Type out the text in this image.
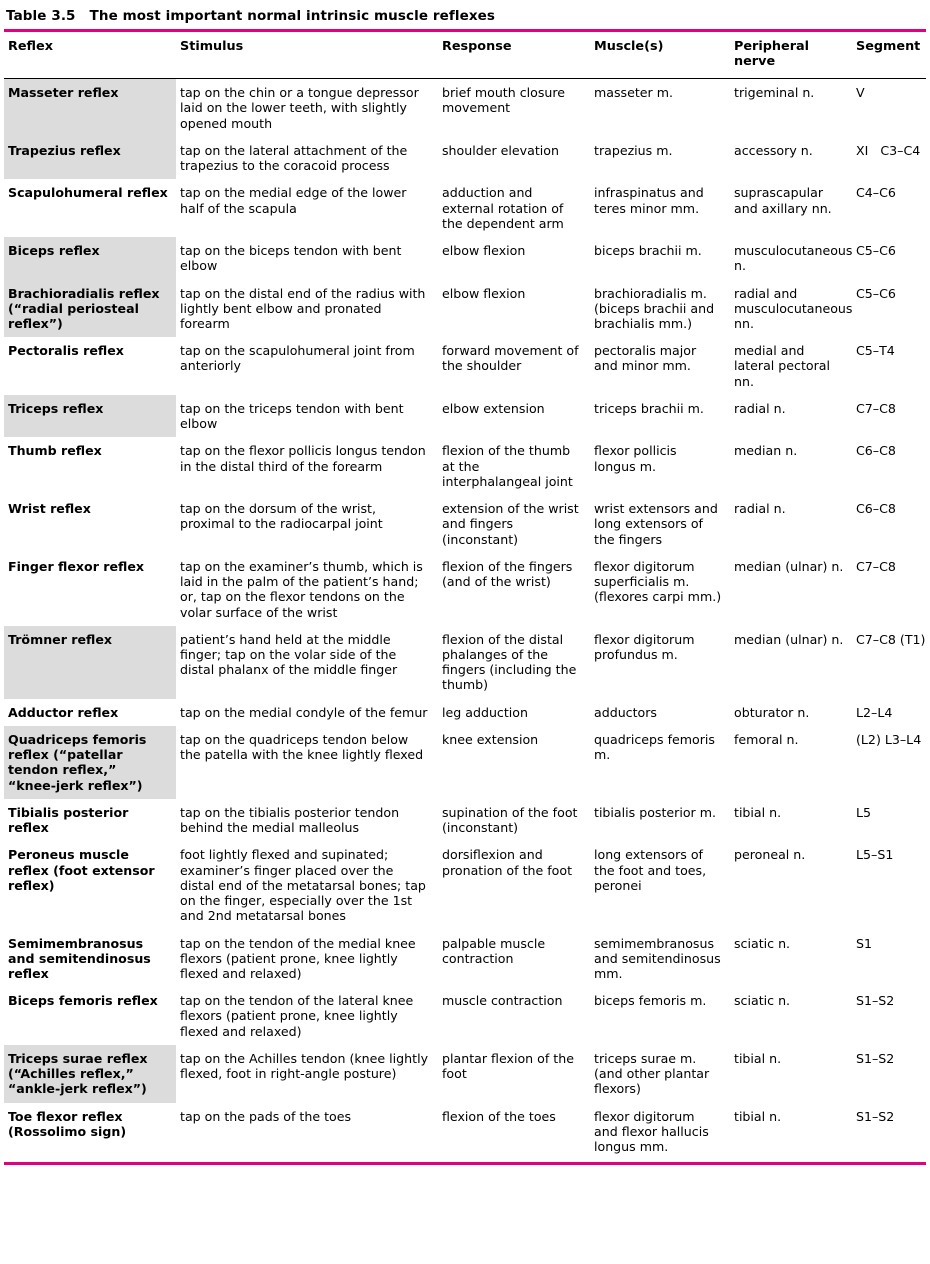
Table 3.5 The most important normal intrinsic muscle reflexes
Reflex	Stimulus	Response	Muscle(s)	Peripheral nerve	Segment
Masseter reflex	tap on the chin or a tongue depressor laid on the lower teeth, with slightly opened mouth	brief mouth closure movement	masseter m.	trigeminal n.	V
Trapezius reflex	tap on the lateral attachment of the trapezius to the coracoid process	shoulder elevation	trapezius m.	accessory n.	XI   C3–C4
Scapulohumeral reflex	tap on the medial edge of the lower half of the scapula	adduction and external rotation of the dependent arm	infraspinatus and teres minor mm.	suprascapular and axillary nn.	C4–C6
Biceps reflex	tap on the biceps tendon with bent elbow	elbow flexion	biceps brachii m.	musculocutaneous n.	C5–C6
Brachioradialis reflex (“radial periosteal reflex”)	tap on the distal end of the radius with lightly bent elbow and pronated forearm	elbow flexion	brachioradialis m. (biceps brachii and brachialis mm.)	radial and musculocutaneous nn.	C5–C6
Pectoralis reflex	tap on the scapulohumeral joint from anteriorly	forward movement of the shoulder	pectoralis major and minor mm.	medial and lateral pectoral nn.	C5–T4
Triceps reflex	tap on the triceps tendon with bent elbow	elbow extension	triceps brachii m.	radial n.	C7–C8
Thumb reflex	tap on the flexor pollicis longus tendon in the distal third of the forearm	flexion of the thumb at the interphalangeal joint	flexor pollicis longus m.	median n.	C6–C8
Wrist reflex	tap on the dorsum of the wrist, proximal to the radiocarpal joint	extension of the wrist and fingers (inconstant)	wrist extensors and long extensors of the fingers	radial n.	C6–C8
Finger flexor reflex	tap on the examiner’s thumb, which is laid in the palm of the patient’s hand; or, tap on the flexor tendons on the volar surface of the wrist	flexion of the fingers (and of the wrist)	flexor digitorum superficialis m. (flexores carpi mm.)	median (ulnar) n.	C7–C8
Trömner reflex	patient’s hand held at the middle finger; tap on the volar side of the distal phalanx of the middle finger	flexion of the distal phalanges of the fingers (including the thumb)	flexor digitorum profundus m.	median (ulnar) n.	C7–C8 (T1)
Adductor reflex	tap on the medial condyle of the femur	leg adduction	adductors	obturator n.	L2–L4
Quadriceps femoris reflex (“patellar tendon reflex,” “knee-jerk reflex”)	tap on the quadriceps tendon below the patella with the knee lightly flexed	knee extension	quadriceps femoris m.	femoral n.	(L2) L3–L4
Tibialis posterior reflex	tap on the tibialis posterior tendon behind the medial malleolus	supination of the foot (inconstant)	tibialis posterior m.	tibial n.	L5
Peroneus muscle reflex (foot extensor reflex)	foot lightly flexed and supinated; examiner’s finger placed over the distal end of the metatarsal bones; tap on the finger, especially over the 1st and 2nd metatarsal bones	dorsiflexion and pronation of the foot	long extensors of the foot and toes, peronei	peroneal n.	L5–S1
Semimembranosus and semitendinosus reflex	tap on the tendon of the medial knee flexors (patient prone, knee lightly flexed and relaxed)	palpable muscle contraction	semimembranosus and semitendinosus mm.	sciatic n.	S1
Biceps femoris reflex	tap on the tendon of the lateral knee flexors (patient prone, knee lightly flexed and relaxed)	muscle contraction	biceps femoris m.	sciatic n.	S1–S2
Triceps surae reflex (“Achilles reflex,” “ankle-jerk reflex”)	tap on the Achilles tendon (knee lightly flexed, foot in right-angle posture)	plantar flexion of the foot	triceps surae m. (and other plantar flexors)	tibial n.	S1–S2
Toe flexor reflex (Rossolimo sign)	tap on the pads of the toes	flexion of the toes	flexor digitorum and flexor hallucis longus mm.	tibial n.	S1–S2
